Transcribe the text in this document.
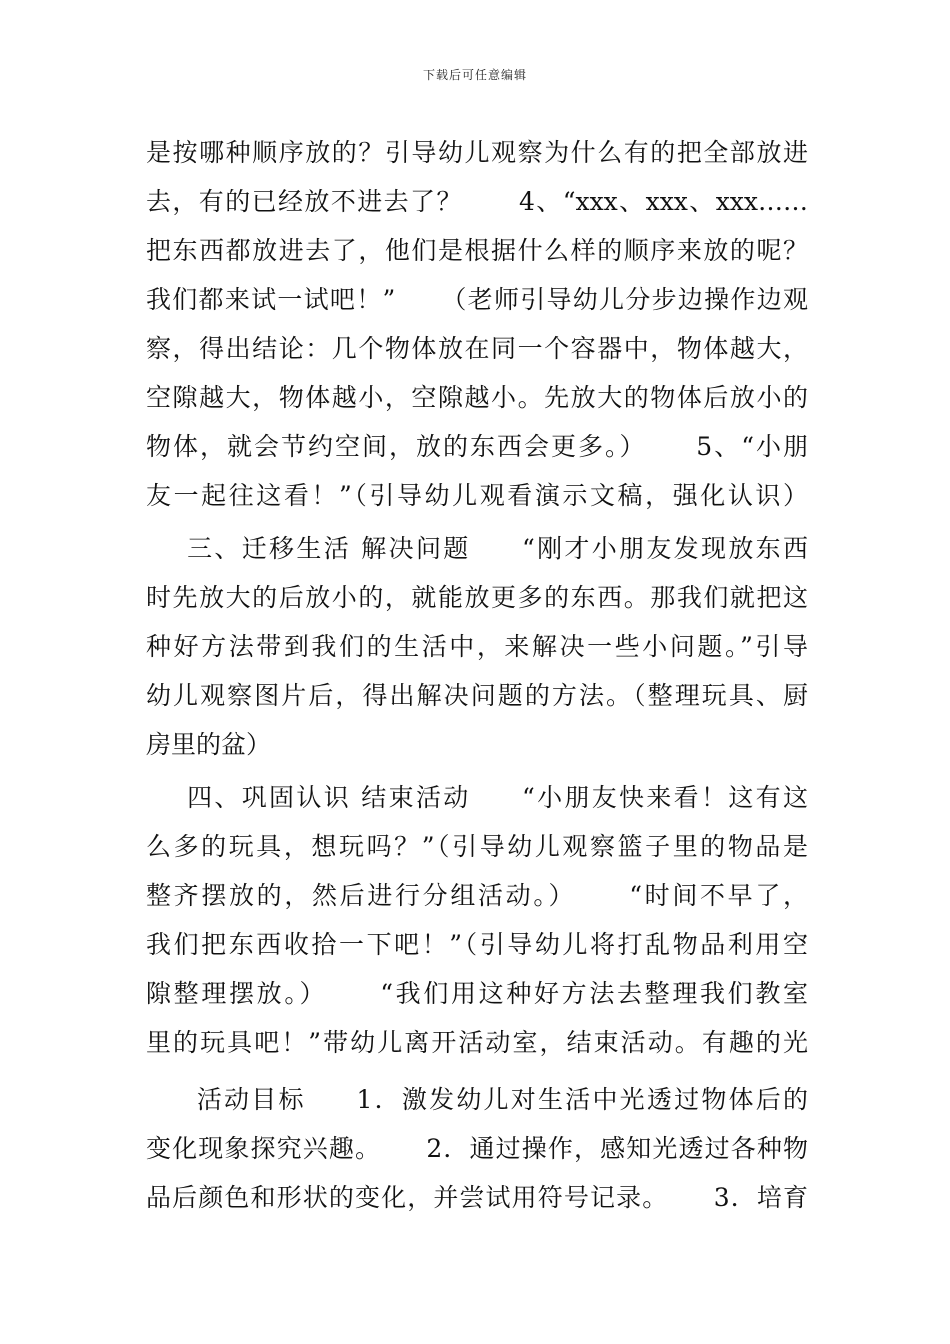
下载后可任意编辑
是按哪种顺序放的？引导幼儿观察为什么有的把全部放进
去，有的已经放不进去了？      4、“xxx、xxx、xxx……
把东西都放进去了，他们是根据什么样的顺序来放的呢？
我们都来试一试吧！”     （老师引导幼儿分步边操作边观
察，得出结论：几个物体放在同一个容器中，物体越大，
空隙越大，物体越小，空隙越小。先放大的物体后放小的
物体，就会节约空间，放的东西会更多。）     5、“小朋
友一起往这看！”（引导幼儿观看演示文稿，强化认识）
三、迁移生活 解决问题     “刚才小朋友发现放东西
时先放大的后放小的，就能放更多的东西。那我们就把这
种好方法带到我们的生活中，来解决一些小问题。”引导
幼儿观察图片后，得出解决问题的方法。（整理玩具、厨
房里的盆）
四、巩固认识 结束活动     “小朋友快来看！这有这
么多的玩具，想玩吗？”（引导幼儿观察篮子里的物品是
整齐摆放的，然后进行分组活动。）     “时间不早了，
我们把东西收拾一下吧！”（引导幼儿将打乱物品利用空
隙整理摆放。）     “我们用这种好方法去整理我们教室
里的玩具吧！”带幼儿离开活动室，结束活动。有趣的光
活动目标     1．激发幼儿对生活中光透过物体后的
变化现象探究兴趣。     2．通过操作，感知光透过各种物
品后颜色和形状的变化，并尝试用符号记录。     3．培育
